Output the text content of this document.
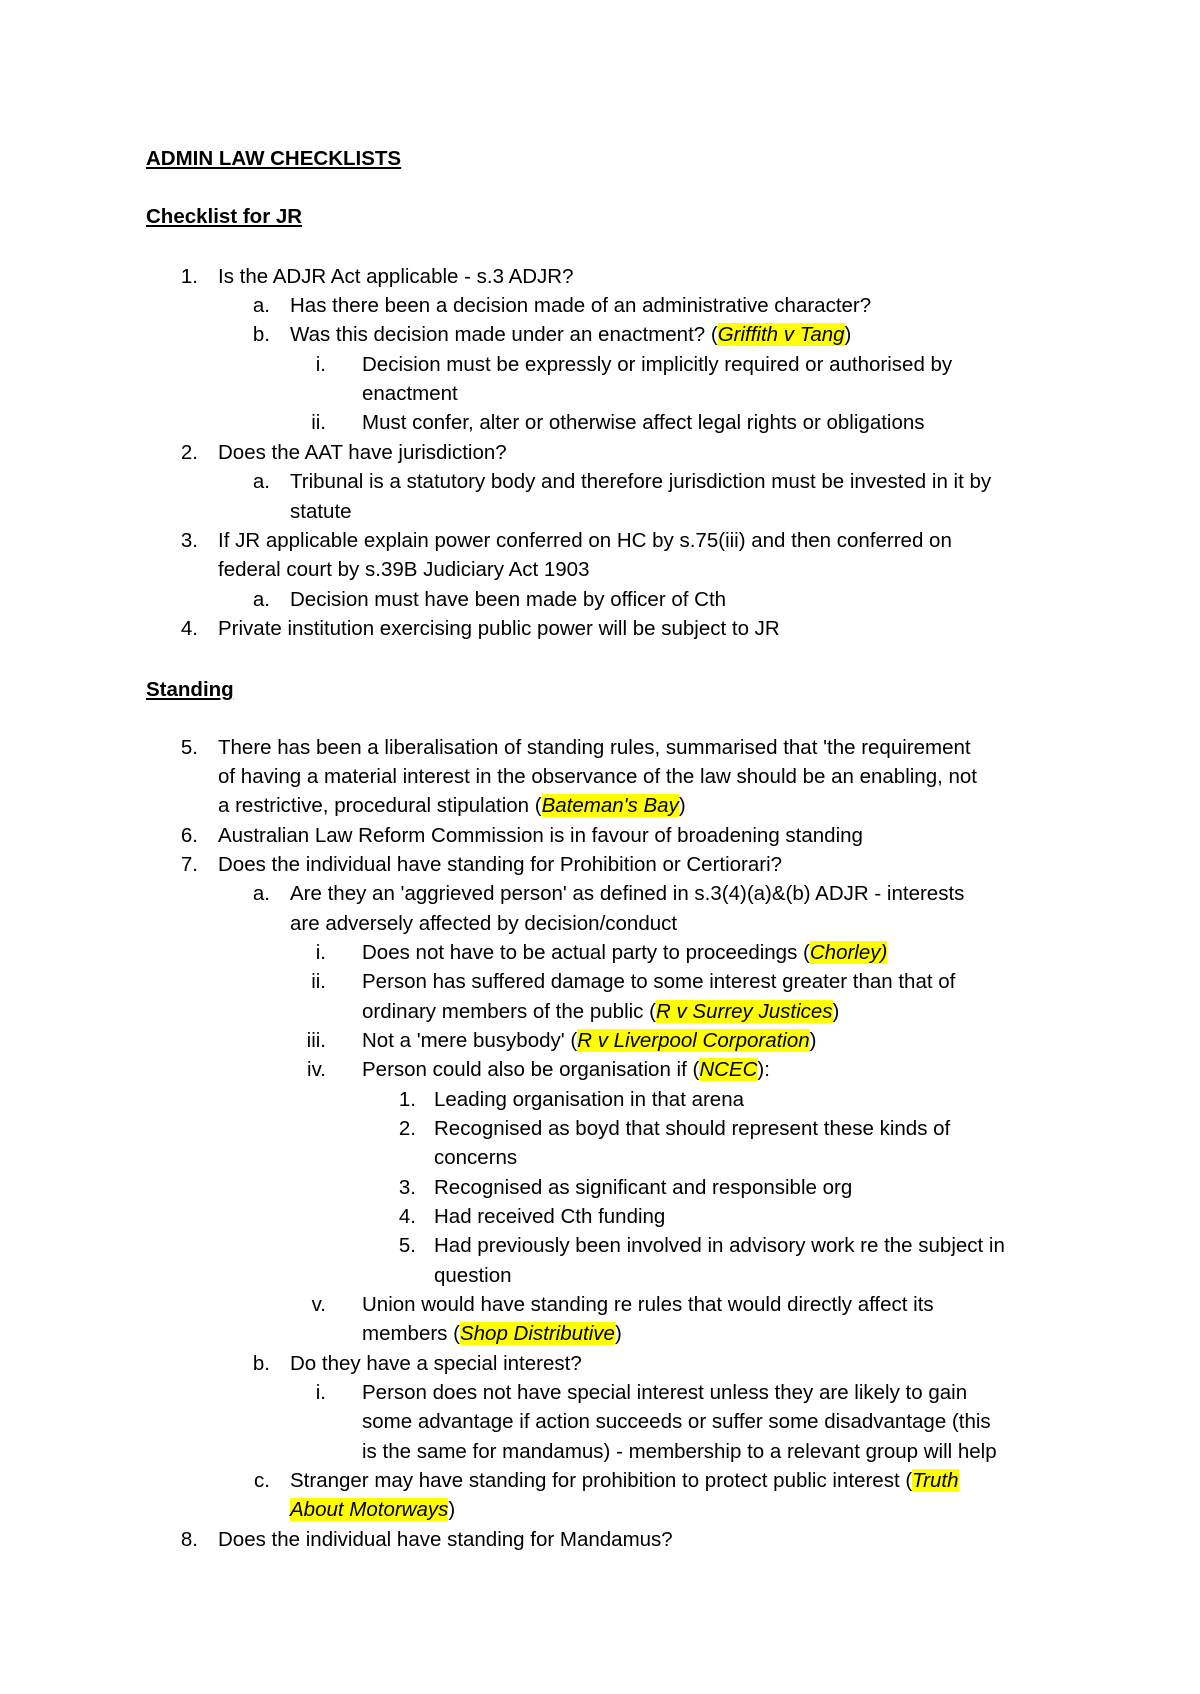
ADMIN LAW CHECKLISTS
Checklist for JR
1. Is the ADJR Act applicable - s.3 ADJR?
a. Has there been a decision made of an administrative character?
b. Was this decision made under an enactment? (Griffith v Tang)
i. Decision must be expressly or implicitly required or authorised by
enactment
ii. Must confer, alter or otherwise affect legal rights or obligations
2. Does the AAT have jurisdiction?
a. Tribunal is a statutory body and therefore jurisdiction must be invested in it by
statute
3. If JR applicable explain power conferred on HC by s.75(iii) and then conferred on
federal court by s.39B Judiciary Act 1903
a. Decision must have been made by officer of Cth
4. Private institution exercising public power will be subject to JR
Standing
5. There has been a liberalisation of standing rules, summarised that 'the requirement
of having a material interest in the observance of the law should be an enabling, not
a restrictive, procedural stipulation (Bateman's Bay)
6. Australian Law Reform Commission is in favour of broadening standing
7. Does the individual have standing for Prohibition or Certiorari?
a. Are they an 'aggrieved person' as defined in s.3(4)(a)&(b) ADJR - interests
are adversely affected by decision/conduct
i. Does not have to be actual party to proceedings (Chorley)
ii. Person has suffered damage to some interest greater than that of
ordinary members of the public (R v Surrey Justices)
iii. Not a 'mere busybody' (R v Liverpool Corporation)
iv. Person could also be organisation if (NCEC):
1. Leading organisation in that arena
2. Recognised as boyd that should represent these kinds of
concerns
3. Recognised as significant and responsible org
4. Had received Cth funding
5. Had previously been involved in advisory work re the subject in
question
v. Union would have standing re rules that would directly affect its
members (Shop Distributive)
b. Do they have a special interest?
i. Person does not have special interest unless they are likely to gain
some advantage if action succeeds or suffer some disadvantage (this
is the same for mandamus) - membership to a relevant group will help
c. Stranger may have standing for prohibition to protect public interest (Truth
About Motorways)
8. Does the individual have standing for Mandamus?
